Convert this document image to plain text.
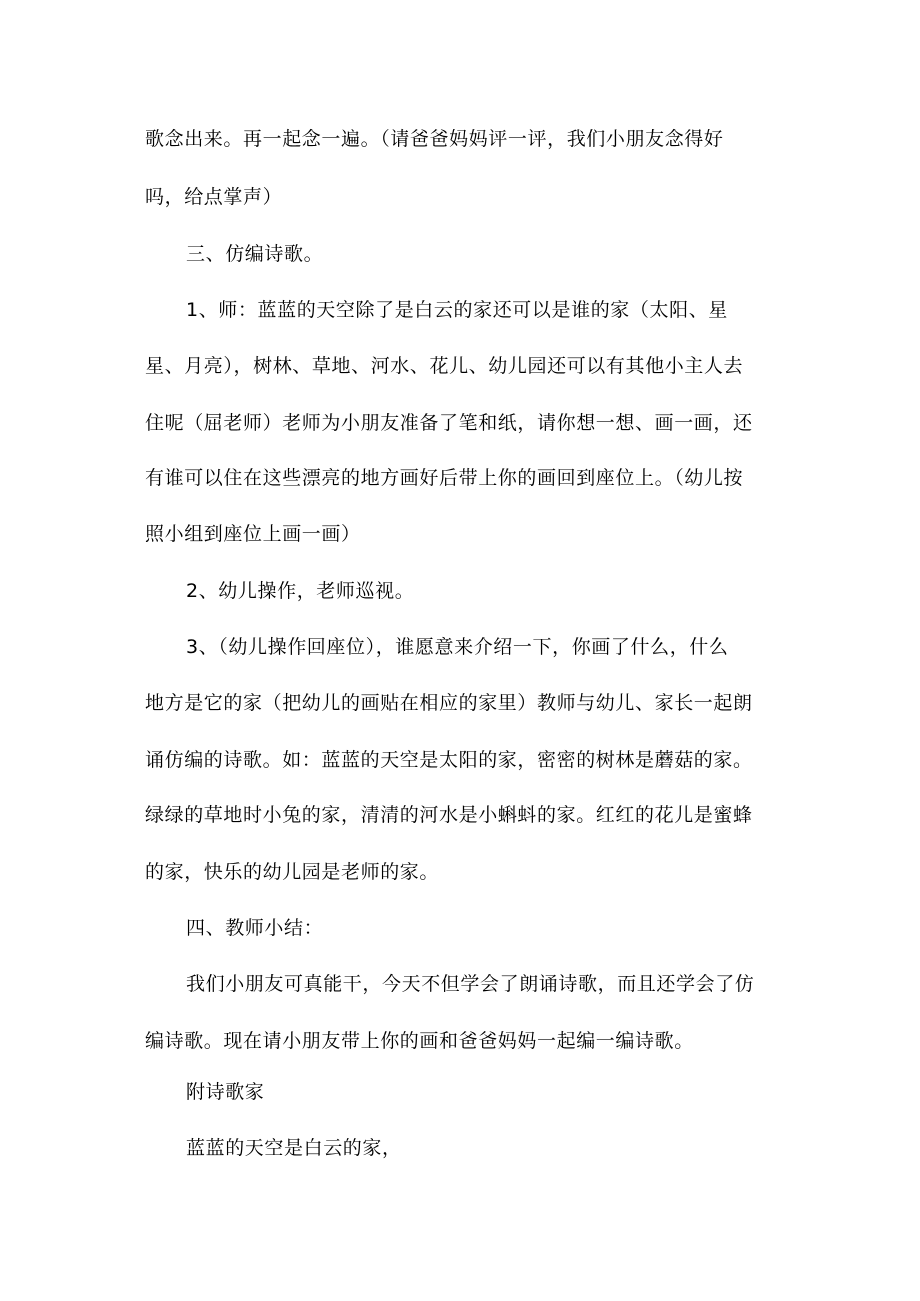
歌念出来。再一起念一遍。（请爸爸妈妈评一评，我们小朋友念得好
吗，给点掌声）
三、仿编诗歌。
1、师：蓝蓝的天空除了是白云的家还可以是谁的家（太阳、星
星、月亮），树林、草地、河水、花儿、幼儿园还可以有其他小主人去
住呢（屈老师）老师为小朋友准备了笔和纸，请你想一想、画一画，还
有谁可以住在这些漂亮的地方画好后带上你的画回到座位上。（幼儿按
照小组到座位上画一画）
2、幼儿操作，老师巡视。
3、（幼儿操作回座位），谁愿意来介绍一下，你画了什么，什么
地方是它的家（把幼儿的画贴在相应的家里）教师与幼儿、家长一起朗
诵仿编的诗歌。如：蓝蓝的天空是太阳的家，密密的树林是蘑菇的家。
绿绿的草地时小兔的家，清清的河水是小蝌蚪的家。红红的花儿是蜜蜂
的家，快乐的幼儿园是老师的家。
四、教师小结：
我们小朋友可真能干，今天不但学会了朗诵诗歌，而且还学会了仿
编诗歌。现在请小朋友带上你的画和爸爸妈妈一起编一编诗歌。
附诗歌家
蓝蓝的天空是白云的家，
